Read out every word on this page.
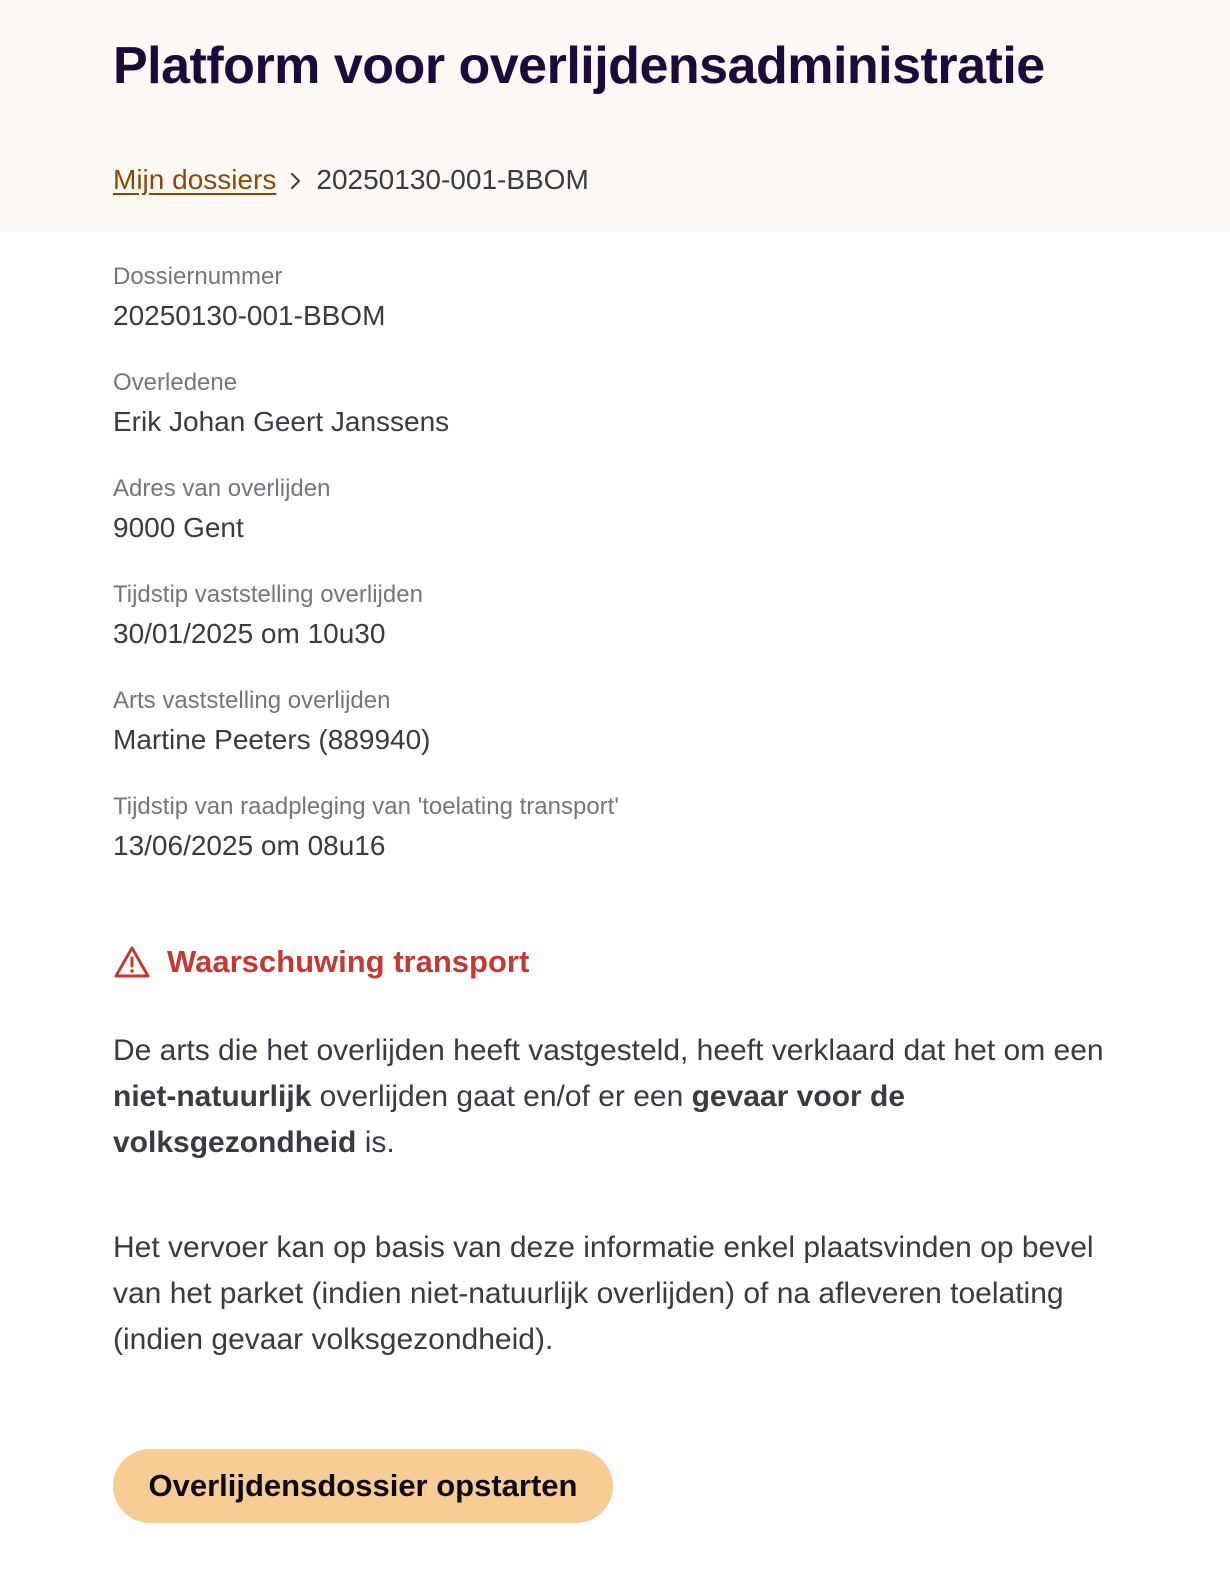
Platform voor overlijdensadministratie
Mijn dossiers 20250130-001-BBOM
Dossiernummer
20250130-001-BBOM
Overledene
Erik Johan Geert Janssens
Adres van overlijden
9000 Gent
Tijdstip vaststelling overlijden
30/01/2025 om 10u30
Arts vaststelling overlijden
Martine Peeters (889940)
Tijdstip van raadpleging van 'toelating transport'
13/06/2025 om 08u16
Waarschuwing transport

De arts die het overlijden heeft vastgesteld, heeft verklaard dat het om een niet-natuurlijk overlijden gaat en/of er een gevaar voor de volksgezondheid is.

Het vervoer kan op basis van deze informatie enkel plaatsvinden op bevel van het parket (indien niet-natuurlijk overlijden) of na afleveren toelating (indien gevaar volksgezondheid).

Overlijdensdossier opstarten
